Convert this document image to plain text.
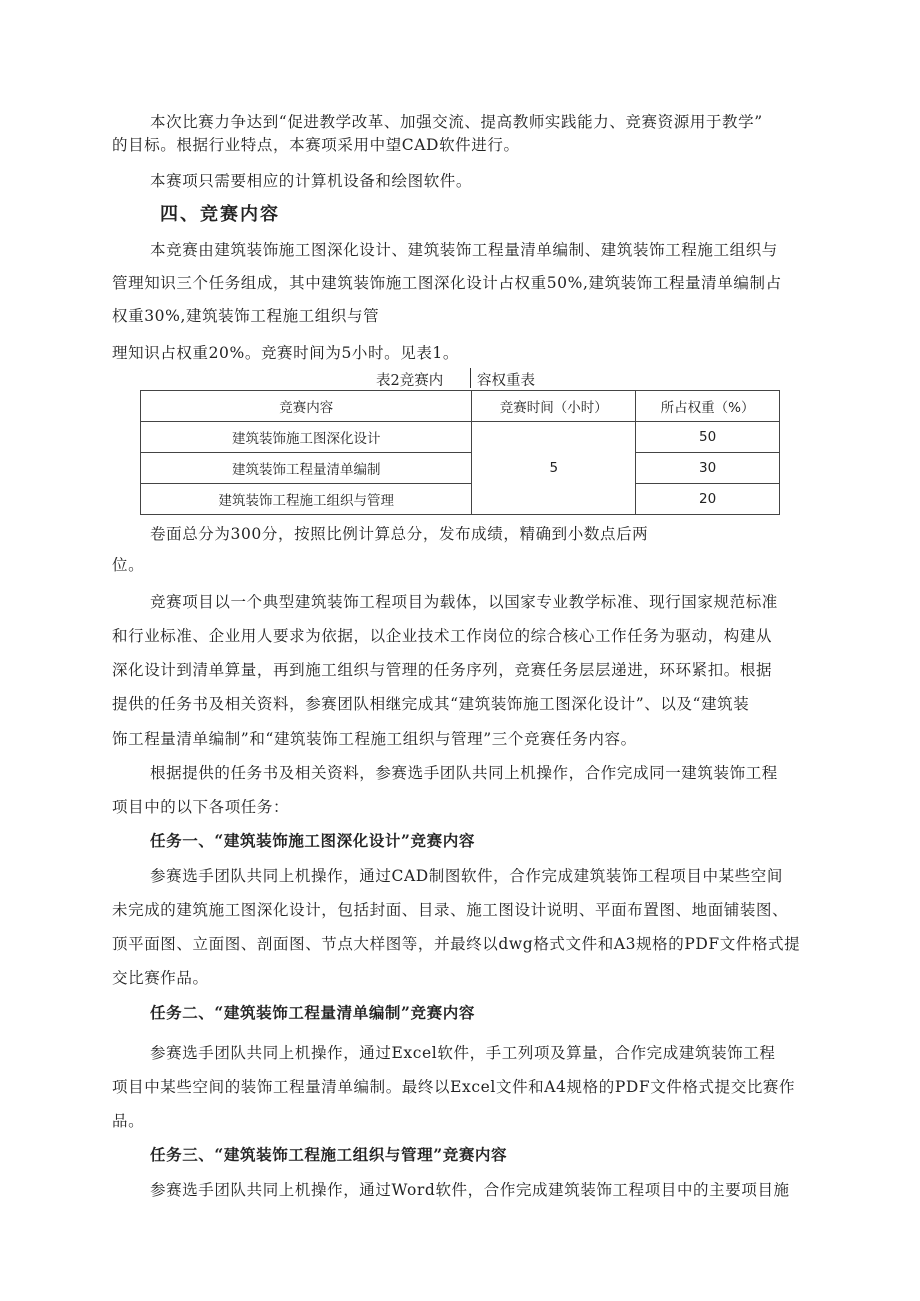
本次比赛力争达到“促进教学改革、加强交流、提高教师实践能力、竞赛资源用于教学”
的目标。根据行业特点，本赛项采用中望CAD软件进行。
本赛项只需要相应的计算机设备和绘图软件。
四、竞赛内容
本竞赛由建筑装饰施工图深化设计、建筑装饰工程量清单编制、建筑装饰工程施工组织与
管理知识三个任务组成，其中建筑装饰施工图深化设计占权重50%,建筑装饰工程量清单编制占
权重30%,建筑装饰工程施工组织与管
理知识占权重20%。竞赛时间为5小时。见表1。
表2竞赛内 容权重表
竞赛内容	竞赛时间（小时）	所占权重（%）
建筑装饰施工图深化设计	5	50
建筑装饰工程量清单编制		30
建筑装饰工程施工组织与管理		20
卷面总分为300分，按照比例计算总分，发布成绩，精确到小数点后两
位。
竞赛项目以一个典型建筑装饰工程项目为载体，以国家专业教学标准、现行国家规范标准
和行业标准、企业用人要求为依据，以企业技术工作岗位的综合核心工作任务为驱动，构建从
深化设计到清单算量，再到施工组织与管理的任务序列，竞赛任务层层递进，环环紧扣。根据
提供的任务书及相关资料，参赛团队相继完成其“建筑装饰施工图深化设计”、以及“建筑装
饰工程量清单编制”和“建筑装饰工程施工组织与管理”三个竞赛任务内容。
根据提供的任务书及相关资料，参赛选手团队共同上机操作，合作完成同一建筑装饰工程
项目中的以下各项任务：
任务一、“建筑装饰施工图深化设计”竞赛内容
参赛选手团队共同上机操作，通过CAD制图软件，合作完成建筑装饰工程项目中某些空间
未完成的建筑施工图深化设计，包括封面、目录、施工图设计说明、平面布置图、地面铺装图、
顶平面图、立面图、剖面图、节点大样图等，并最终以dwg格式文件和A3规格的PDF文件格式提
交比赛作品。
任务二、“建筑装饰工程量清单编制”竞赛内容
参赛选手团队共同上机操作，通过Excel软件，手工列项及算量，合作完成建筑装饰工程
项目中某些空间的装饰工程量清单编制。最终以Excel文件和A4规格的PDF文件格式提交比赛作
品。
任务三、“建筑装饰工程施工组织与管理”竞赛内容
参赛选手团队共同上机操作，通过Word软件，合作完成建筑装饰工程项目中的主要项目施
